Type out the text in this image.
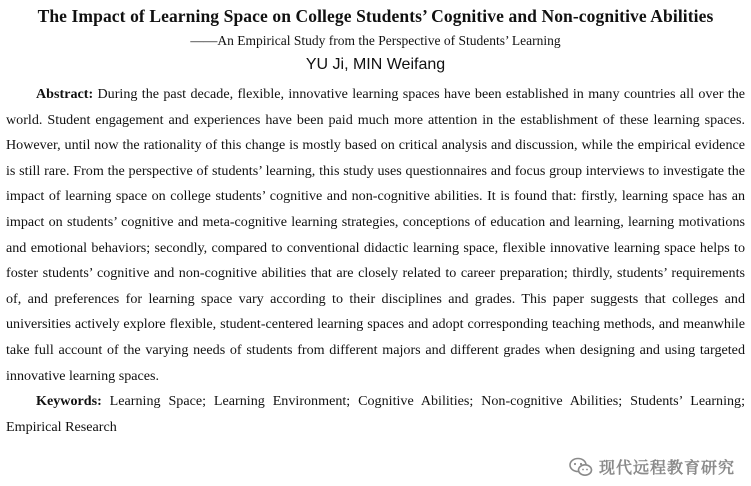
The Impact of Learning Space on College Students’ Cognitive and Non-cognitive Abilities
——An Empirical Study from the Perspective of Students’ Learning
YU Ji, MIN Weifang

Abstract: During the past decade, flexible, innovative learning spaces have been established in many countries all over the world. Student engagement and experiences have been paid much more attention in the establishment of these learning spaces. However, until now the rationality of this change is mostly based on critical analysis and discussion, while the empirical evidence is still rare. From the perspective of students’ learning, this study uses questionnaires and focus group interviews to investigate the impact of learning space on college students’ cognitive and non-cognitive abilities. It is found that: firstly, learning space has an impact on students’ cognitive and meta-cognitive learning strategies, conceptions of education and learning, learning motivations and emotional behaviors; secondly, compared to conventional didactic learning space, flexible innovative learning space helps to foster students’ cognitive and non-cognitive abilities that are closely related to career preparation; thirdly, students’ requirements of, and preferences for learning space vary according to their disciplines and grades. This paper suggests that colleges and universities actively explore flexible, student-centered learning spaces and adopt corresponding teaching methods, and meanwhile take full account of the varying needs of students from different majors and different grades when designing and using targeted innovative learning spaces.

Keywords: Learning Space; Learning Environment; Cognitive Abilities; Non-cognitive Abilities; Students’ Learning; Empirical Research

现代远程教育研究
